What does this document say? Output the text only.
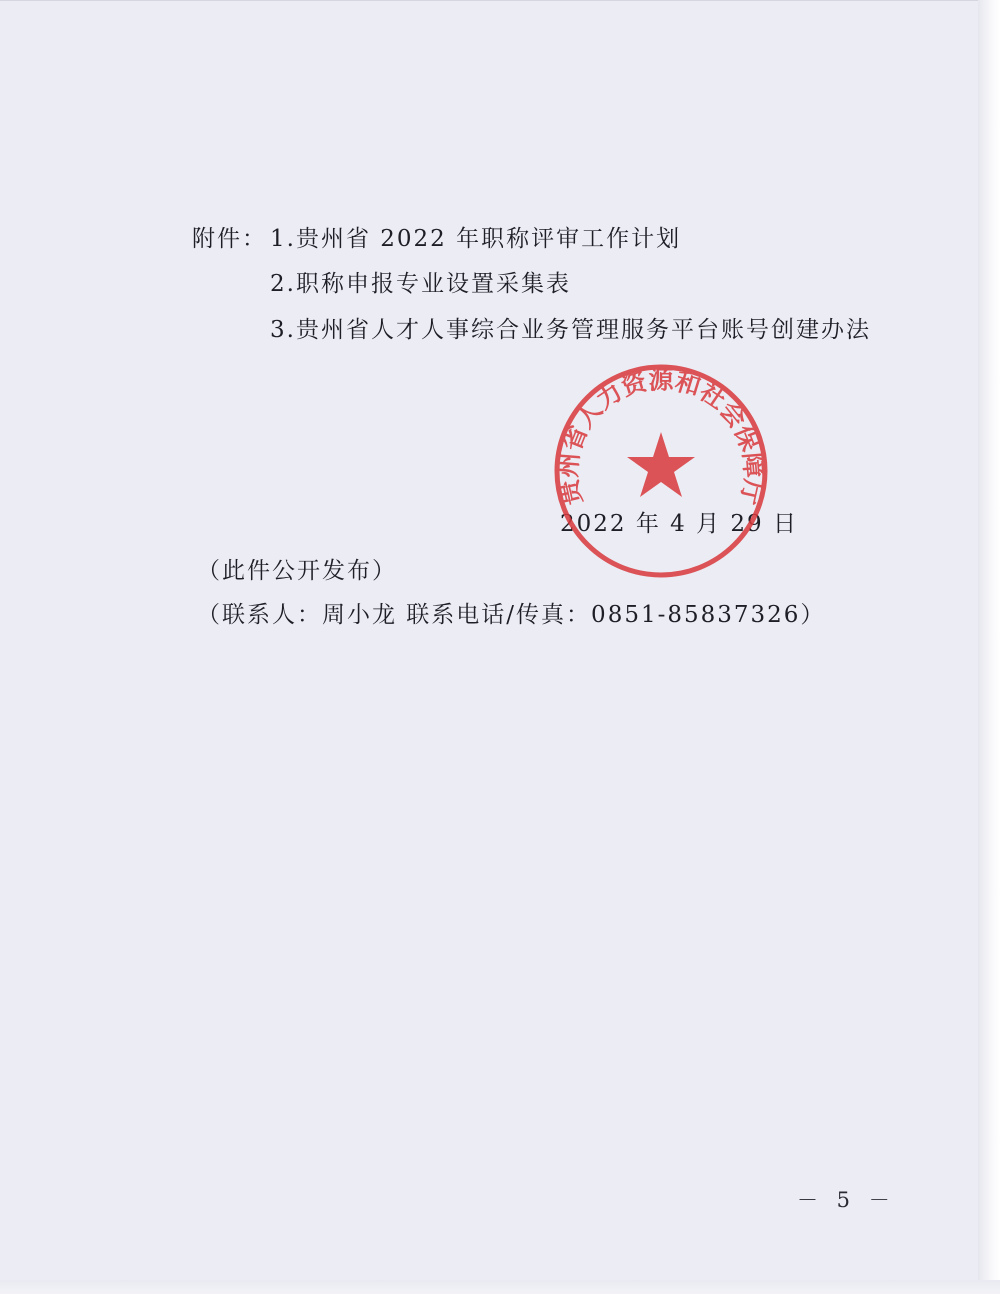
附件： 1.贵州省 2022 年职称评审工作计划
2.职称申报专业设置采集表
3.贵州省人才人事综合业务管理服务平台账号创建办法
2022 年 4 月 29 日
贵州省人力资源和社会保障厅
（此件公开发布）
（联系人：周小龙 联系电话/传真：0851-85837326）
－ 5 －
